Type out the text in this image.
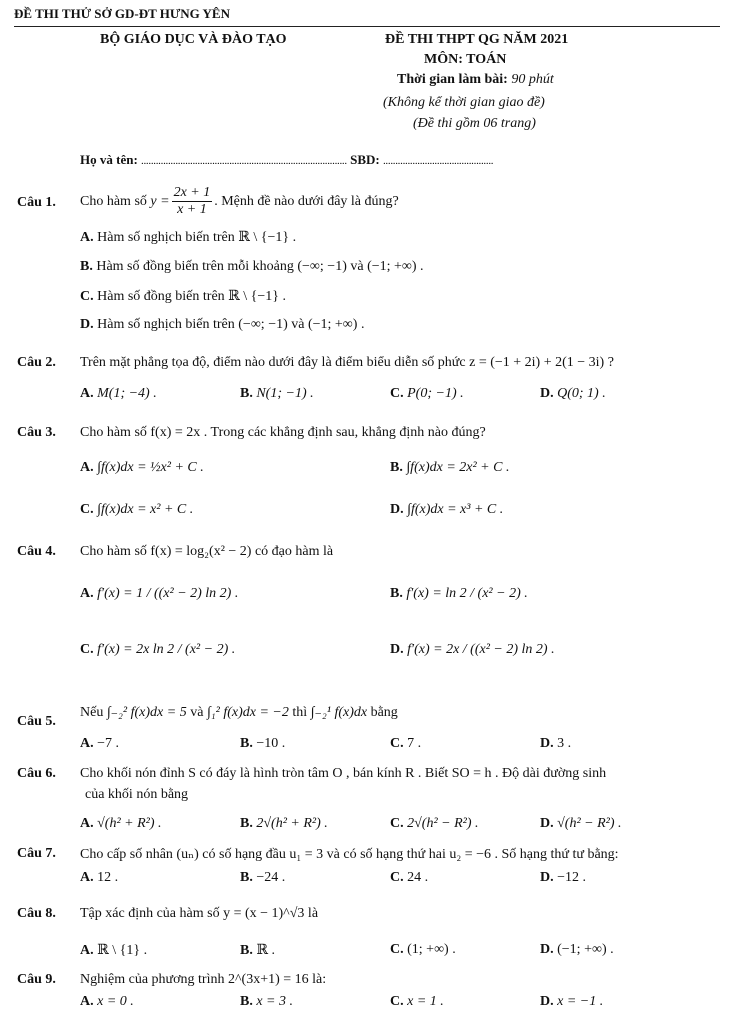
ĐỀ THI THỬ SỞ GD-ĐT HƯNG YÊN
BỘ GIÁO DỤC VÀ ĐÀO TẠO	ĐỀ THI THPT QG NĂM 2021
MÔN: TOÁN
Thời gian làm bài: 90 phút
(Không kể thời gian giao đề)
(Đề thi gồm 06 trang)
Họ và tên: .................................................................................... SBD: .............................................
Câu 1. Cho hàm số $y = \frac{2x + 1}{x + 1}$ . Mệnh đề nào dưới đây là đúng?
A. Hàm số nghịch biến trên ℝ \ {−1} .
B. Hàm số đồng biến trên mỗi khoảng (−∞; −1) và (−1; +∞) .
C. Hàm số đồng biến trên ℝ \ {−1} .
D. Hàm số nghịch biến trên (−∞; −1) và (−1; +∞) .
Câu 2. Trên mặt phẳng tọa độ, điểm nào dưới đây là điểm biểu diễn số phức z = (−1 + 2i) + 2(1 − 3i) ?
A. M(1; −4) .	B. N(1; −1) .	C. P(0; −1) .	D. Q(0; 1) .
Câu 3. Cho hàm số f(x) = 2x . Trong các khẳng định sau, khẳng định nào đúng?
A. ∫f(x)dx = ½x² + C .	B. ∫f(x)dx = 2x² + C .
C. ∫f(x)dx = x² + C .	D. ∫f(x)dx = x³ + C .
Câu 4. Cho hàm số f(x) = log₂(x² − 2) có đạo hàm là
A. f′(x) = 1 / ((x² − 2) ln 2) .	B. f′(x) = ln 2 / (x² − 2) .
C. f′(x) = 2x ln 2 / (x² − 2) .	D. f′(x) = 2x / ((x² − 2) ln 2) .
Câu 5.
Nếu ∫₋₂² f(x)dx = 5 và ∫₁² f(x)dx = −2 thì ∫₋₂¹ f(x)dx bằng
A. −7 .	B. −10 .	C. 7 .	D. 3 .
Câu 6. Cho khối nón đỉnh S có đáy là hình tròn tâm O , bán kính R . Biết SO = h . Độ dài đường sinh
của khối nón bằng
A. √(h² + R²) .	B. 2√(h² + R²) .	C. 2√(h² − R²) .	D. √(h² − R²) .
Câu 7. Cho cấp số nhân (uₙ) có số hạng đầu u₁ = 3 và có số hạng thứ hai u₂ = −6 . Số hạng thứ tư bằng:
A. 12 .	B. −24 .	C. 24 .	D. −12 .
Câu 8. Tập xác định của hàm số y = (x − 1)^√3 là
A. ℝ \ {1} .	B. ℝ .	C. (1; +∞) .	D. (−1; +∞) .
Câu 9. Nghiệm của phương trình 2^(3x+1) = 16 là:
A. x = 0 .	B. x = 3 .	C. x = 1 .	D. x = −1 .
